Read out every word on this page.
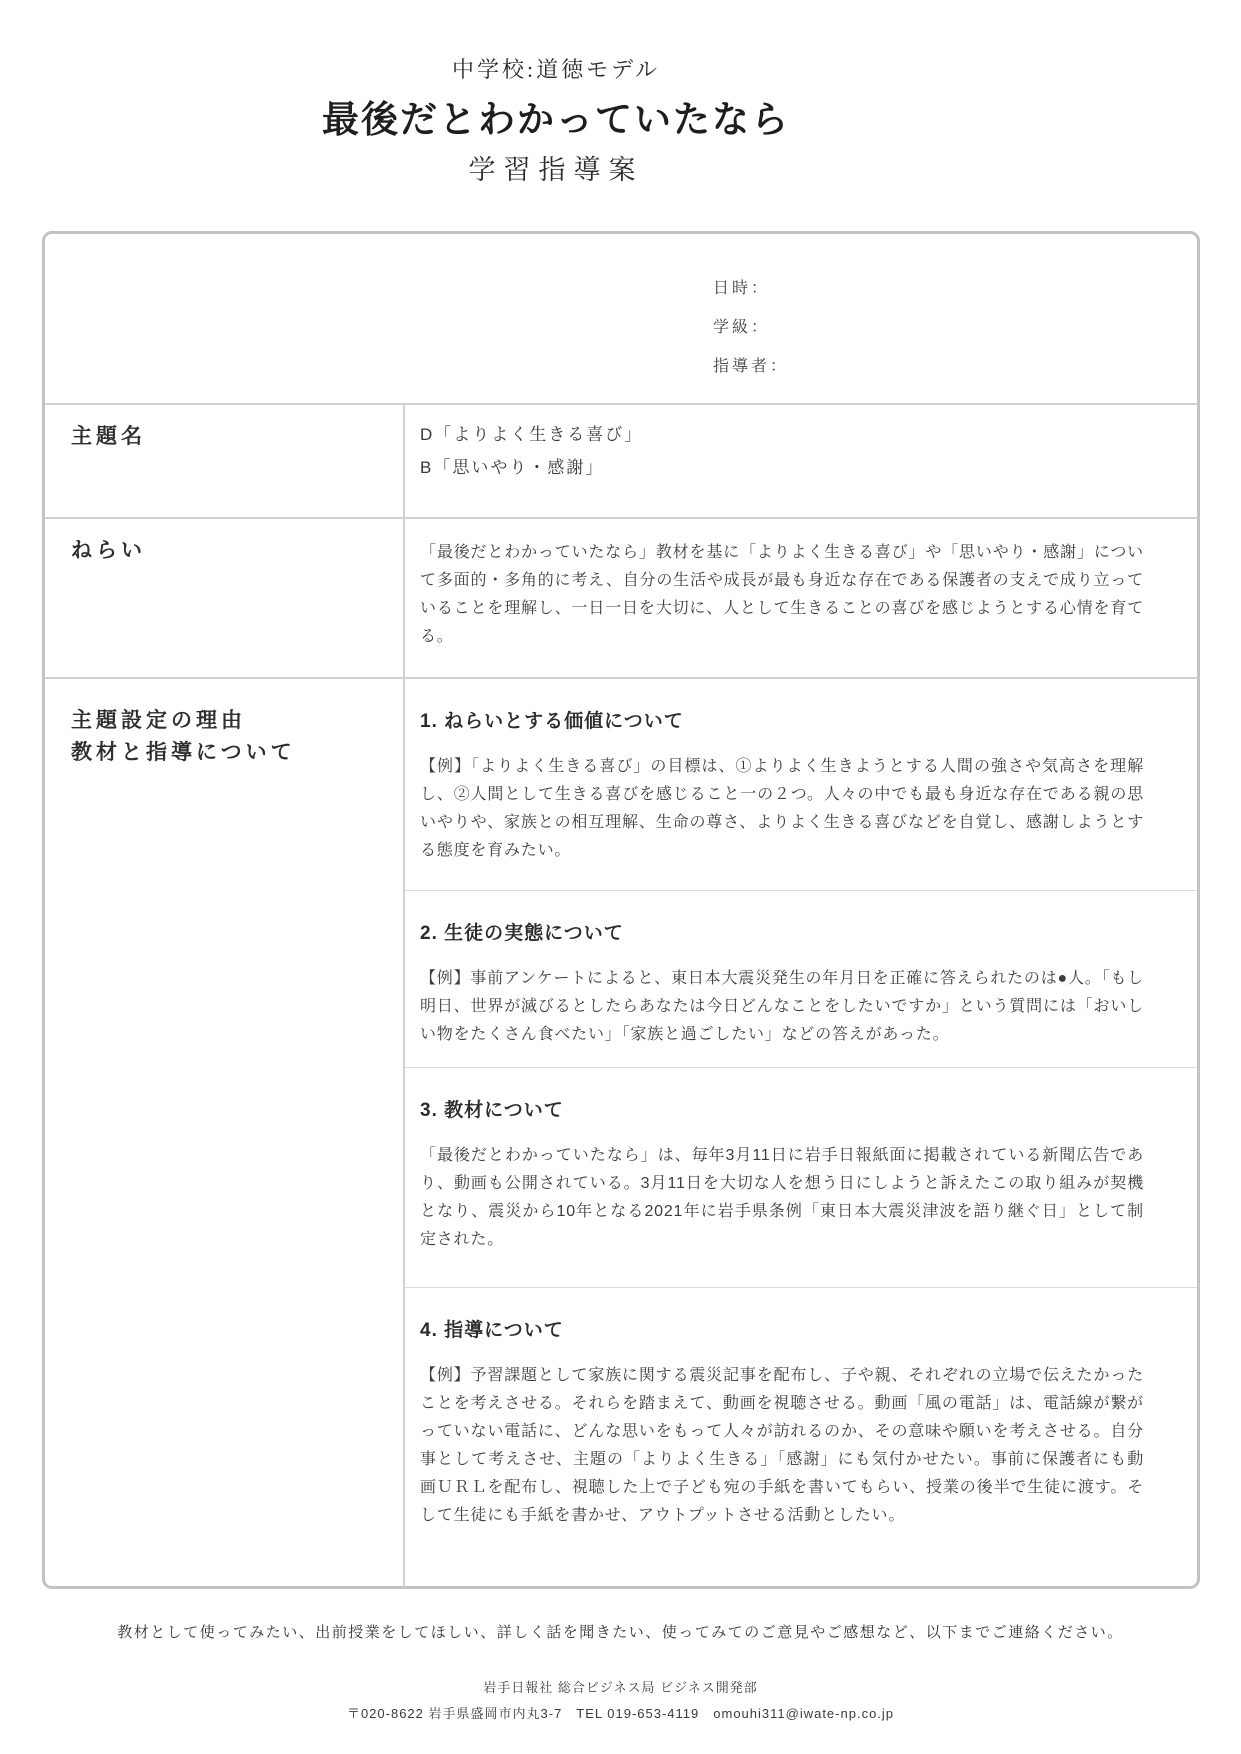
中学校:道徳モデル
最後だとわかっていたなら
学習指導案
日時：
学級：
指導者：
主題名	D「よりよく生きる喜び」
B「思いやり・感謝」
ねらい	「最後だとわかっていたなら」教材を基に「よりよく生きる喜び」や「思いやり・感謝」について多面的・多角的に考え、自分の生活や成長が最も身近な存在である保護者の支えで成り立っていることを理解し、一日一日を大切に、人として生きることの喜びを感じようとする心情を育てる。

主題設定の理由
教材と指導について
1. ねらいとする価値について

【例】「よりよく生きる喜び」の目標は、①よりよく生きようとする人間の強さや気高さを理解し、②人間として生きる喜びを感じること一の２つ。人々の中でも最も身近な存在である親の思いやりや、家族との相互理解、生命の尊さ、よりよく生きる喜びなどを自覚し、感謝しようとする態度を育みたい。

2. 生徒の実態について

【例】事前アンケートによると、東日本大震災発生の年月日を正確に答えられたのは●人。「もし明日、世界が滅びるとしたらあなたは今日どんなことをしたいですか」という質問には「おいしい物をたくさん食べたい」「家族と過ごしたい」などの答えがあった。

3. 教材について

「最後だとわかっていたなら」は、毎年3月11日に岩手日報紙面に掲載されている新聞広告であり、動画も公開されている。3月11日を大切な人を想う日にしようと訴えたこの取り組みが契機となり、震災から10年となる2021年に岩手県条例「東日本大震災津波を語り継ぐ日」として制定された。

4. 指導について

【例】予習課題として家族に関する震災記事を配布し、子や親、それぞれの立場で伝えたかったことを考えさせる。それらを踏まえて、動画を視聴させる。動画「風の電話」は、電話線が繋がっていない電話に、どんな思いをもって人々が訪れるのか、その意味や願いを考えさせる。自分事として考えさせ、主題の「よりよく生きる」「感謝」にも気付かせたい。事前に保護者にも動画ＵＲＬを配布し、視聴した上で子ども宛の手紙を書いてもらい、授業の後半で生徒に渡す。そして生徒にも手紙を書かせ、アウトプットさせる活動としたい。

教材として使ってみたい、出前授業をしてほしい、詳しく話を聞きたい、使ってみてのご意見やご感想など、以下までご連絡ください。
岩手日報社 総合ビジネス局 ビジネス開発部
〒020-8622 岩手県盛岡市内丸3-7　TEL 019-653-4119　omouhi311@iwate-np.co.jp
